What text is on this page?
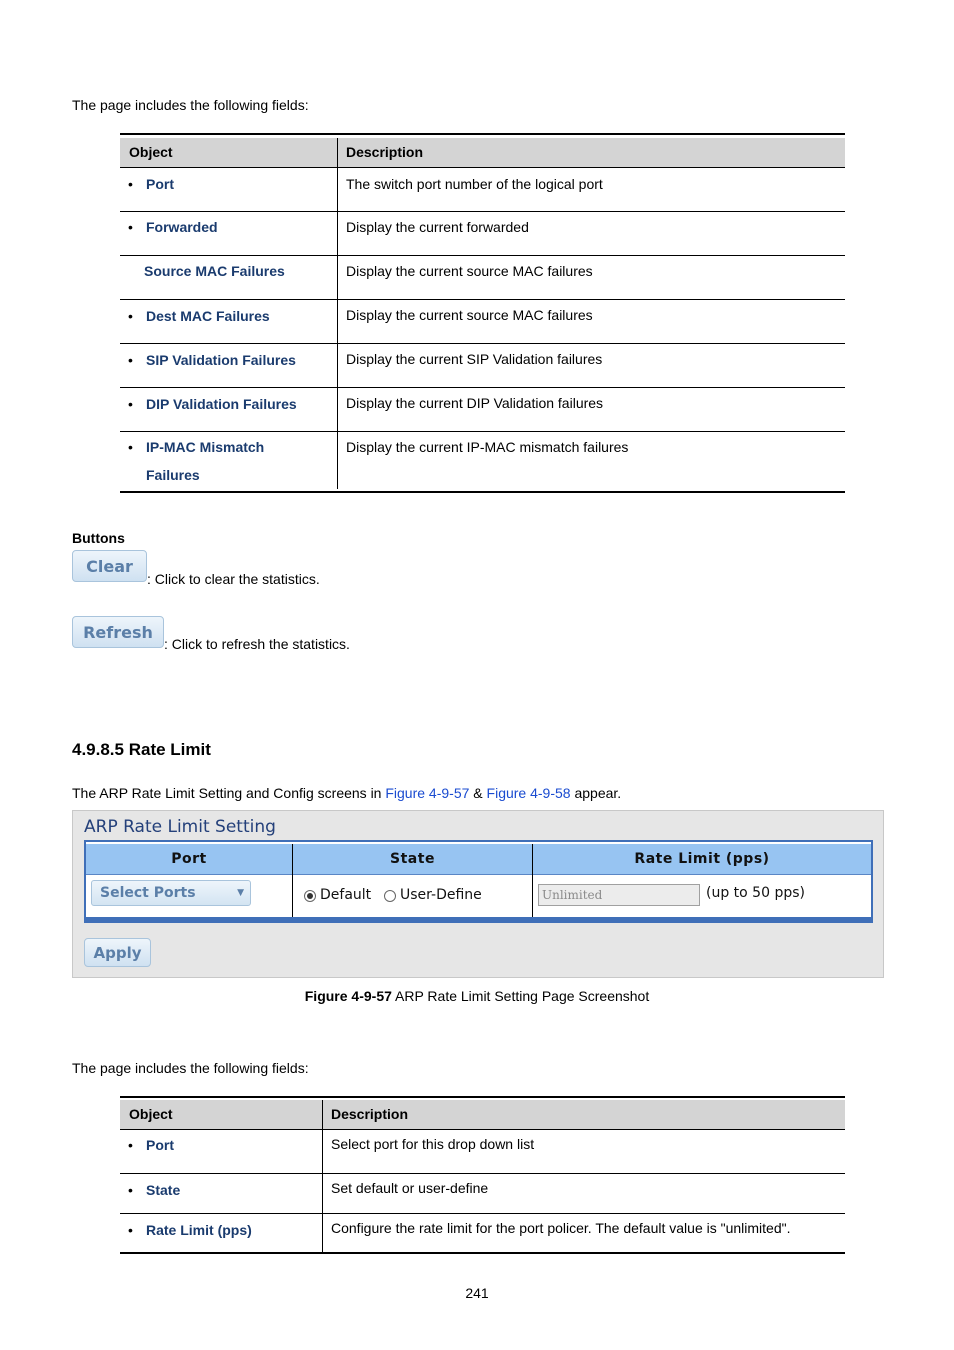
The page includes the following fields:
Object	Description
• Port	The switch port number of the logical port
• Forwarded	Display the current forwarded
Source MAC Failures	Display the current source MAC failures
• Dest MAC Failures	Display the current source MAC failures
• SIP Validation Failures	Display the current SIP Validation failures
• DIP Validation Failures	Display the current DIP Validation failures

• IP-MAC Mismatch
Failures	Display the current IP-MAC mismatch failures
Buttons
Clear
: Click to clear the statistics.
Refresh
: Click to refresh the statistics.
4.9.8.5 Rate Limit
The ARP Rate Limit Setting and Config screens in Figure 4-9-57 & Figure 4-9-58 appear.
ARP Rate Limit Setting
Port	State	Rate Limit (pps)
Select Ports	▼	Default User-Define	Unlimited	(up to 50 pps)
Apply
Figure 4-9-57 ARP Rate Limit Setting Page Screenshot
The page includes the following fields:
Object	Description
• Port	Select port for this drop down list
• State	Set default or user-define
• Rate Limit (pps)	Configure the rate limit for the port policer. The default value is "unlimited".
241
